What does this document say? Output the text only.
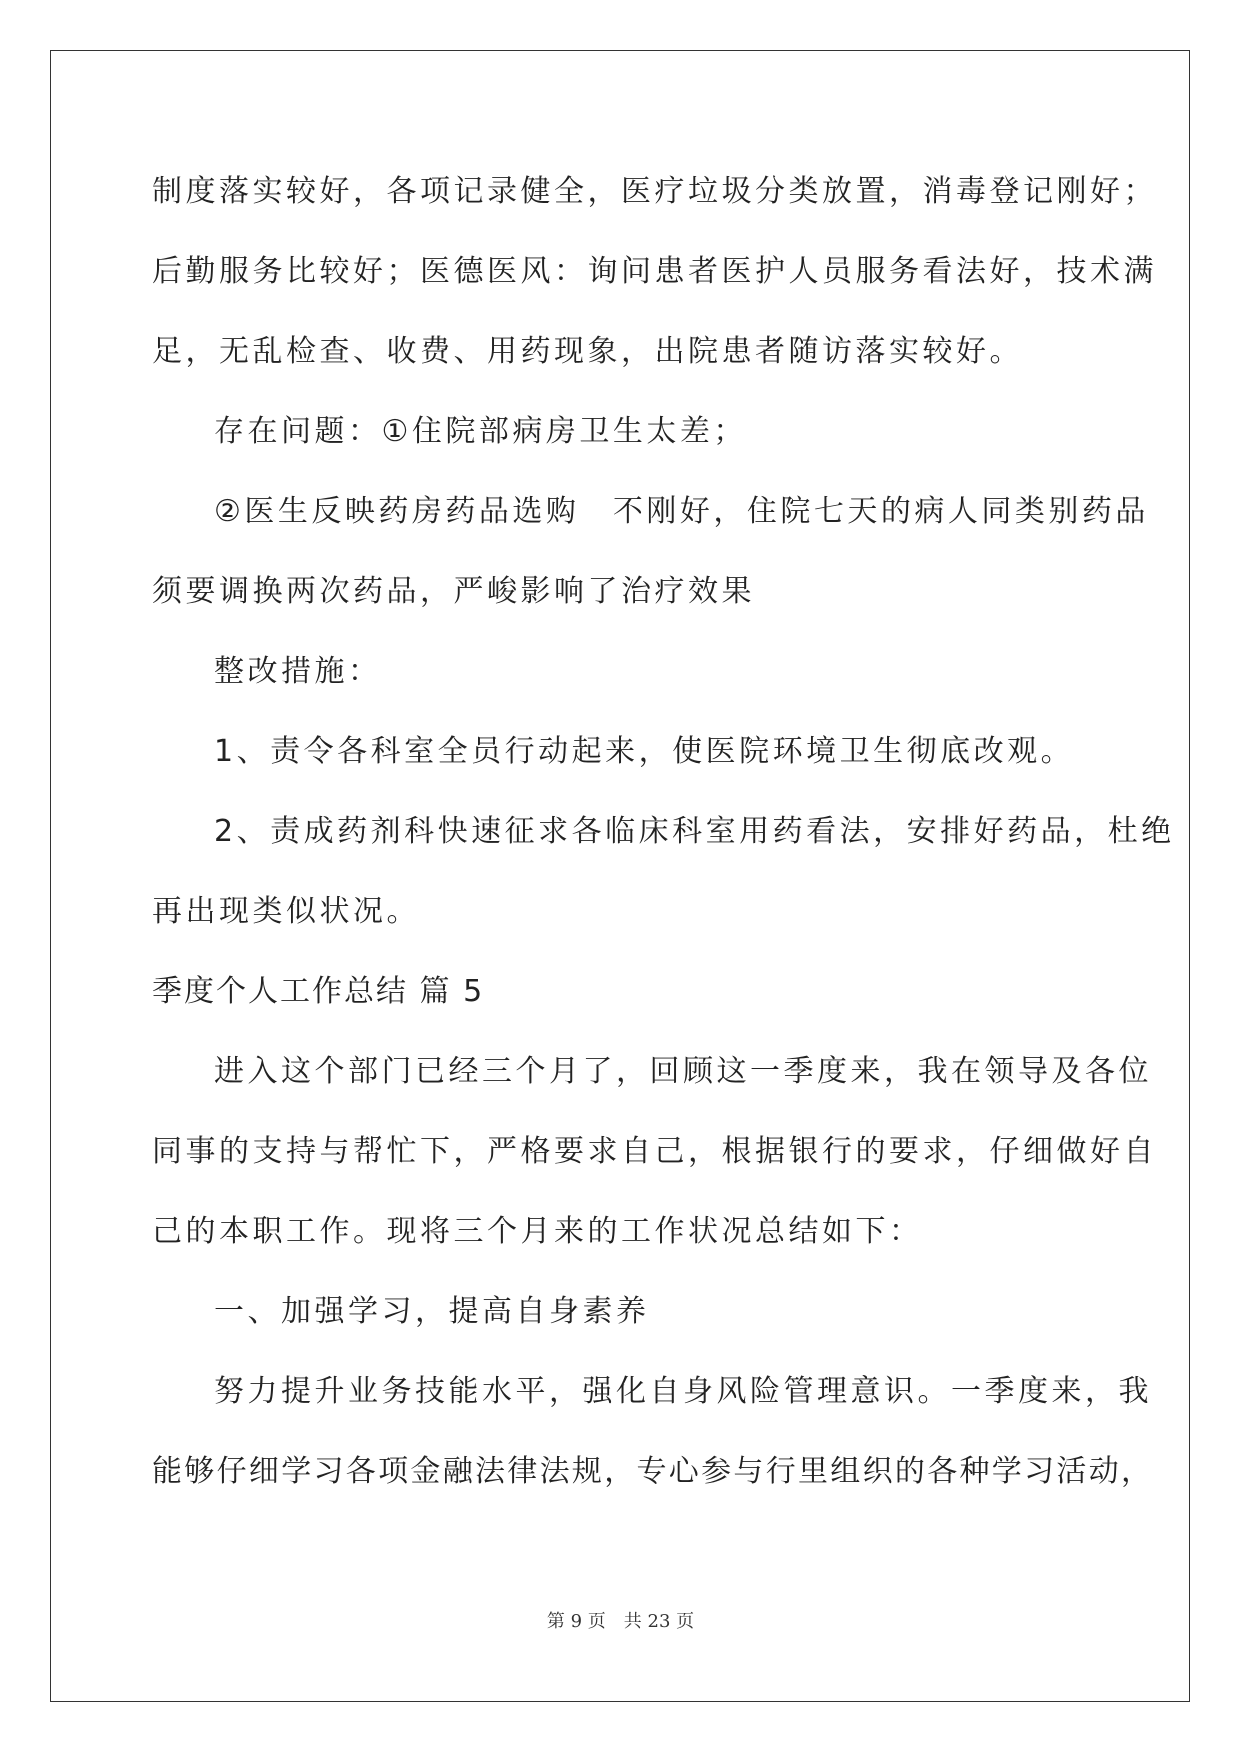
制度落实较好，各项记录健全，医疗垃圾分类放置，消毒登记刚好；
后勤服务比较好；医德医风：询问患者医护人员服务看法好，技术满
足，无乱检查、收费、用药现象，出院患者随访落实较好。
存在问题：①住院部病房卫生太差；
②医生反映药房药品选购　不刚好，住院七天的病人同类别药品
须要调换两次药品，严峻影响了治疗效果
整改措施：
1、责令各科室全员行动起来，使医院环境卫生彻底改观。
2、责成药剂科快速征求各临床科室用药看法，安排好药品，杜绝
再出现类似状况。
季度个人工作总结 篇 5
进入这个部门已经三个月了，回顾这一季度来，我在领导及各位
同事的支持与帮忙下，严格要求自己，根据银行的要求，仔细做好自
己的本职工作。现将三个月来的工作状况总结如下：
一、加强学习，提高自身素养
努力提升业务技能水平，强化自身风险管理意识。一季度来，我
能够仔细学习各项金融法律法规，专心参与行里组织的各种学习活动，
第 9 页 共 23 页
